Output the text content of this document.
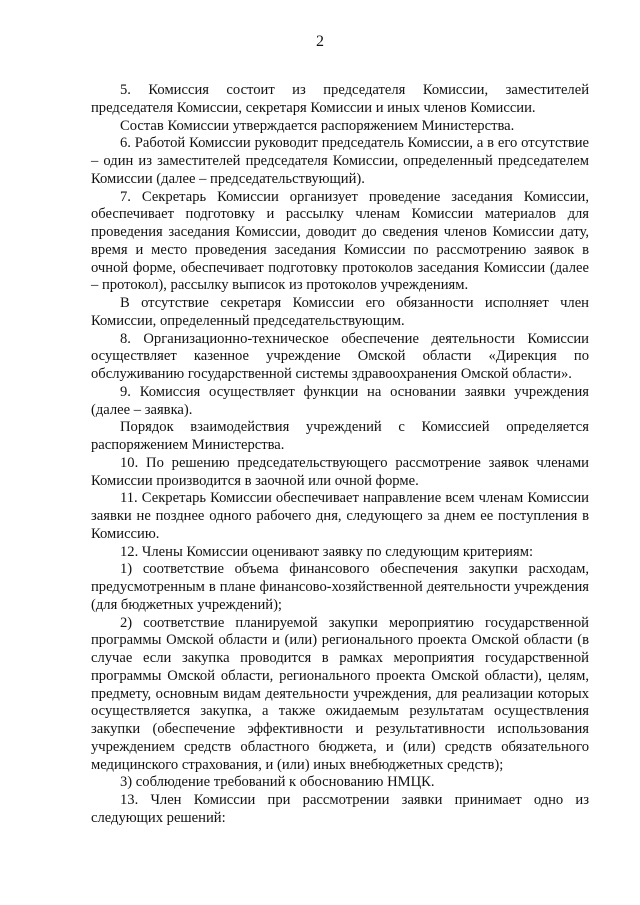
2

5. Комиссия состоит из председателя Комиссии, заместителей председателя Комиссии, секретаря Комиссии и иных членов Комиссии.

Состав Комиссии утверждается распоряжением Министерства.

6. Работой Комиссии руководит председатель Комиссии, а в его отсутствие – один из заместителей председателя Комиссии, определенный председателем Комиссии (далее – председательствующий).

7. Секретарь Комиссии организует проведение заседания Комиссии, обеспечивает подготовку и рассылку членам Комиссии материалов для проведения заседания Комиссии, доводит до сведения членов Комиссии дату, время и место проведения заседания Комиссии по рассмотрению заявок в очной форме, обеспечивает подготовку протоколов заседания Комиссии (далее – протокол), рассылку выписок из протоколов учреждениям.

В отсутствие секретаря Комиссии его обязанности исполняет член Комиссии, определенный председательствующим.

8. Организационно-техническое обеспечение деятельности Комиссии осуществляет казенное учреждение Омской области «Дирекция по обслуживанию государственной системы здравоохранения Омской области».

9. Комиссия осуществляет функции на основании заявки учреждения (далее – заявка).

Порядок взаимодействия учреждений с Комиссией определяется распоряжением Министерства.

10. По решению председательствующего рассмотрение заявок членами Комиссии производится в заочной или очной форме.

11. Секретарь Комиссии обеспечивает направление всем членам Комиссии заявки не позднее одного рабочего дня, следующего за днем ее поступления в Комиссию.

12. Члены Комиссии оценивают заявку по следующим критериям:

1) соответствие объема финансового обеспечения закупки расходам, предусмотренным в плане финансово-хозяйственной деятельности учреждения (для бюджетных учреждений);

2) соответствие планируемой закупки мероприятию государственной программы Омской области и (или) регионального проекта Омской области (в случае если закупка проводится в рамках мероприятия государственной программы Омской области, регионального проекта Омской области), целям, предмету, основным видам деятельности учреждения, для реализации которых осуществляется закупка, а также ожидаемым результатам осуществления закупки (обеспечение эффективности и результативности использования учреждением средств областного бюджета, и (или) средств обязательного медицинского страхования, и (или) иных внебюджетных средств);

3) соблюдение требований к обоснованию НМЦК.

13. Член Комиссии при рассмотрении заявки принимает одно из следующих решений:
